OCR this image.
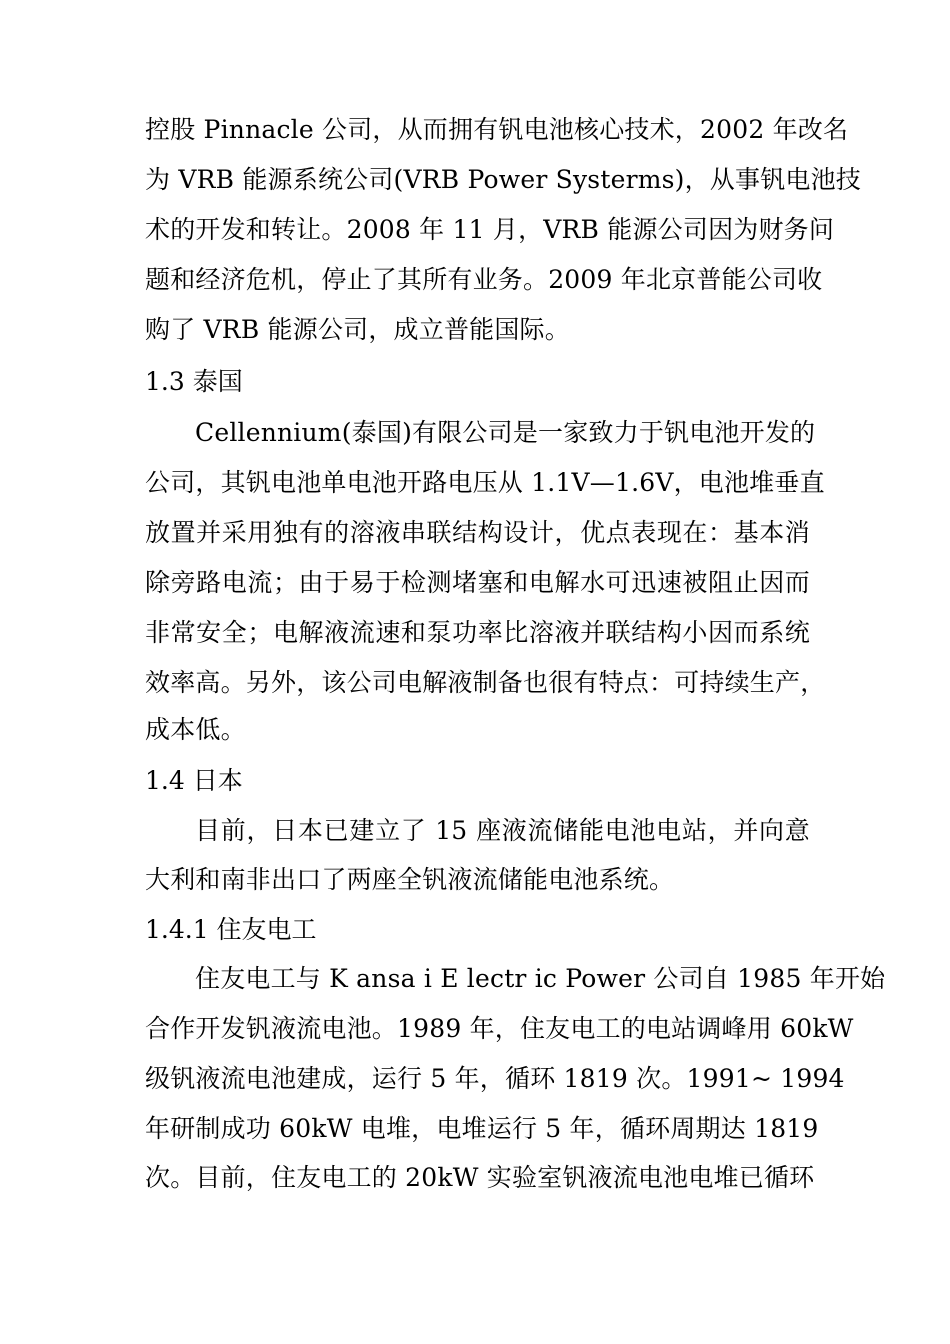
控股 Pinnacle 公司，从而拥有钒电池核心技术，2002 年改名
为 VRB 能源系统公司(VRB Power Systerms)，从事钒电池技
术的开发和转让。2008 年 11 月，VRB 能源公司因为财务问
题和经济危机，停止了其所有业务。2009 年北京普能公司收
购了 VRB 能源公司，成立普能国际。
1.3 泰国
Cellennium(泰国)有限公司是一家致力于钒电池开发的
公司，其钒电池单电池开路电压从 1.1V—1.6V，电池堆垂直
放置并采用独有的溶液串联结构设计，优点表现在：基本消
除旁路电流；由于易于检测堵塞和电解水可迅速被阻止因而
非常安全；电解液流速和泵功率比溶液并联结构小因而系统
效率高。另外，该公司电解液制备也很有特点：可持续生产，
成本低。
1.4 日本
目前，日本已建立了 15 座液流储能电池电站，并向意
大利和南非出口了两座全钒液流储能电池系统。
1.4.1 住友电工
住友电工与 K ansa i E lectr ic Power 公司自 1985 年开始
合作开发钒液流电池。1989 年，住友电工的电站调峰用 60kW
级钒液流电池建成，运行 5 年，循环 1819 次。1991~ 1994
年研制成功 60kW 电堆，电堆运行 5 年，循环周期达 1819
次。目前，住友电工的 20kW 实验室钒液流电池电堆已循环
